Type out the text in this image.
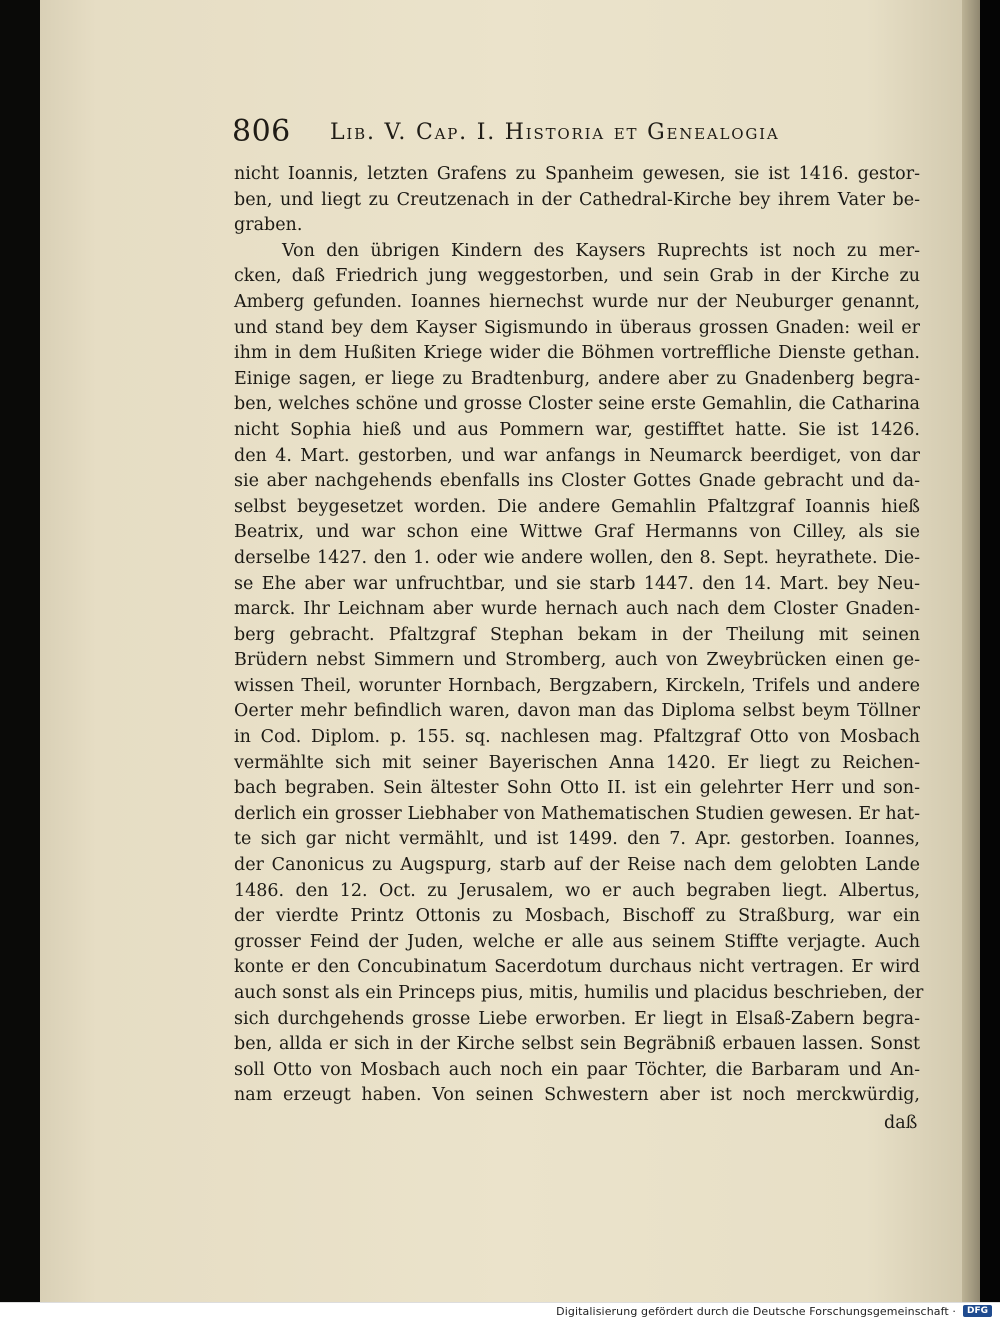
806 Lib. V. Cap. I. Historia et Genealogia
nicht Ioannis, letzten Grafens zu Spanheim gewesen, sie ist 1416. gestor-
ben, und liegt zu Creutzenach in der Cathedral-Kirche bey ihrem Vater be-
graben.
Von den übrigen Kindern des Kaysers Ruprechts ist noch zu mer-
cken, daß Friedrich jung weggestorben, und sein Grab in der Kirche zu
Amberg gefunden. Ioannes hiernechst wurde nur der Neuburger genannt,
und stand bey dem Kayser Sigismundo in überaus grossen Gnaden: weil er
ihm in dem Hußiten Kriege wider die Böhmen vortreffliche Dienste gethan.
Einige sagen, er liege zu Bradtenburg, andere aber zu Gnadenberg begra-
ben, welches schöne und grosse Closter seine erste Gemahlin, die Catharina
nicht Sophia hieß und aus Pommern war, gestifftet hatte. Sie ist 1426.
den 4. Mart. gestorben, und war anfangs in Neumarck beerdiget, von dar
sie aber nachgehends ebenfalls ins Closter Gottes Gnade gebracht und da-
selbst beygesetzet worden. Die andere Gemahlin Pfaltzgraf Ioannis hieß
Beatrix, und war schon eine Wittwe Graf Hermanns von Cilley, als sie
derselbe 1427. den 1. oder wie andere wollen, den 8. Sept. heyrathete. Die-
se Ehe aber war unfruchtbar, und sie starb 1447. den 14. Mart. bey Neu-
marck. Ihr Leichnam aber wurde hernach auch nach dem Closter Gnaden-
berg gebracht. Pfaltzgraf Stephan bekam in der Theilung mit seinen
Brüdern nebst Simmern und Stromberg, auch von Zweybrücken einen ge-
wissen Theil, worunter Hornbach, Bergzabern, Kirckeln, Trifels und andere
Oerter mehr befindlich waren, davon man das Diploma selbst beym Töllner
in Cod. Diplom. p. 155. sq. nachlesen mag. Pfaltzgraf Otto von Mosbach
vermählte sich mit seiner Bayerischen Anna 1420. Er liegt zu Reichen-
bach begraben. Sein ältester Sohn Otto II. ist ein gelehrter Herr und son-
derlich ein grosser Liebhaber von Mathematischen Studien gewesen. Er hat-
te sich gar nicht vermählt, und ist 1499. den 7. Apr. gestorben. Ioannes,
der Canonicus zu Augspurg, starb auf der Reise nach dem gelobten Lande
1486. den 12. Oct. zu Jerusalem, wo er auch begraben liegt. Albertus,
der vierdte Printz Ottonis zu Mosbach, Bischoff zu Straßburg, war ein
grosser Feind der Juden, welche er alle aus seinem Stiffte verjagte. Auch
konte er den Concubinatum Sacerdotum durchaus nicht vertragen. Er wird
auch sonst als ein Princeps pius, mitis, humilis und placidus beschrieben, der
sich durchgehends grosse Liebe erworben. Er liegt in Elsaß-Zabern begra-
ben, allda er sich in der Kirche selbst sein Begräbniß erbauen lassen. Sonst
soll Otto von Mosbach auch noch ein paar Töchter, die Barbaram und An-
nam erzeugt haben. Von seinen Schwestern aber ist noch merckwürdig,
daß
Digitalisierung gefördert durch die Deutsche Forschungsgemeinschaft ·	DFG
